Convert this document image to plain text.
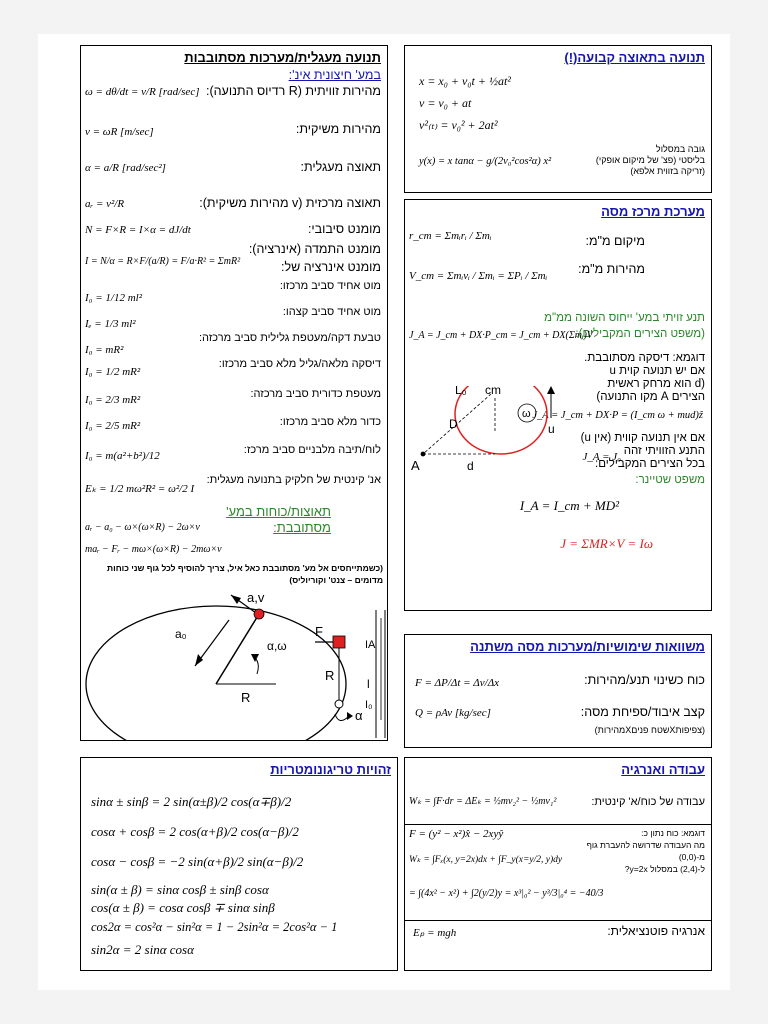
תנועה מעגלית/מערכות מסתובבות
במע' חיצונית אינ':
מהירות זוויתית (R רדיוס התנועה):
ω = dθ/dt = v/R [rad/sec]
מהירות משיקית:
v = ωR [m/sec]
תאוצה מעגלית:
α = a/R [rad/sec²]
תאוצה מרכזית (v מהירות משיקית):
aᵣ = v²/R
מומנט סיבובי:
N = F×R = I×α = dJ/dt
מומנט התמדה (אינרציה):
I = N/α = R×F/(a/R) = F/a·R² = ΣmR²	מומנט אינרציה של:
מוט אחיד סביב מרכזו:
I₀ = 1/12 ml²
מוט אחיד סביב קצהו:
Iₑ = 1/3 ml²
טבעת דקה/מעטפת גלילית סביב מרכזה:
I₀ = mR²
דיסקה מלאה/גליל מלא סביב מרכזו:
I₀ = 1/2 mR²
מעטפת כדורית סביב מרכזה:
I₀ = 2/3 mR²
כדור מלא סביב מרכזו:
I₀ = 2/5 mR²
לוח/תיבה מלבניים סביב מרכז:
I₀ = m(a²+b²)/12
אנ' קינטית של חלקיק בתנועה מעגלית:
Eₖ = 1/2 mω²R² = ω²/2 I
תאוצות/כוחות במע'
מסתובבת:
aᵣ − a₀ − ω×(ω×R) − 2ω×v
maᵣ − Fᵣ − mω×(ω×R) − 2mω×v
(כשמתייחסים אל מע' מסתובבת כאל איל, צריך להוסיף לכל גוף שני כוחות מדומים – צנט' וקוריוליס)
a,v
a₀
α,ω
R
F
R
α
IA
I₀
l
תנועה בתאוצה קבועה(!)
x = x₀ + v₀t + ½at²
v = v₀ + at
v²₍ₜ₎ = v₀² + 2at²
גובה במסלול
בליסטי (פצ' של מיקום אופקי)
(זריקה בזווית אלפא)
y(x) = x tanα − g/(2v₀²cos²α) x²
מערכת מרכז מסה
r_cm = Σmᵢrᵢ / Σmᵢ	מיקום מ"מ:
V_cm = Σmᵢvᵢ / Σmᵢ = ΣPᵢ / Σmᵢ מהירות מ"מ:
תנע זויתי במע' ייחוס השונה ממ"מ
(משפט הצירים המקבילים):
J_A = J_cm + DX·P_cm = J_cm + DX(Σmᵢ)V
דוגמא: דיסקה מסתובבת.
אם יש תנועה קוית u
(d הוא מרחק ראשית
הצירים A מקו התנועה)
J_A = J_cm + DX·P = (I_cm ω + mud)ẑ
אם אין תנועה קווית (אין u)
התנע הזוויתי זהה
בכל הצירים המקבילים:
J_A = J₀
משפט שטיינר:
I_A = I_cm + MD²
J = ΣMR×V = Iω
ω
L₀ cm
D
A	d
u
משוואות שימושיות/מערכות מסה משתנה
F = ΔP/Δt = Δv/Δx	כוח כשינוי תנע/מהירות:
Q = ρAv [kg/sec]	קצב איבוד/ספיחת מסה:
(צפיפותXשטח פניםXמהירות)
זהויות טריגונומטריות
sinα ± sinβ = 2 sin(α±β)/2 cos(α∓β)/2
cosα + cosβ = 2 cos(α+β)/2 cos(α−β)/2
cosα − cosβ = −2 sin(α+β)/2 sin(α−β)/2
sin(α ± β) = sinα cosβ ± sinβ cosα
cos(α ± β) = cosα cosβ ∓ sinα sinβ
cos2α = cos²α − sin²α = 1 − 2sin²α = 2cos²α − 1
sin2α = 2 sinα cosα
עבודה ואנרגיה
Wₖ = ∫F·dr = ΔEₖ = ½mv₂² − ½mv₁²	עבודה של כוח/א' קינטית:
F = (y² − x²)x̂ − 2xyŷ	דוגמא: כוח נתון כ:
מה העבודה שדרושה להעברת גוף
מ-(0,0)
ל-(2,4) במסלול y=2x?
Wₖ = ∫Fₓ(x, y=2x)dx + ∫F_y(x=y/2, y)dy
= ∫(4x² − x²) + ∫2(y/2)y = x³|₀² − y³/3|₀⁴ = −40/3
Eₚ = mgh	אנרגיה פוטנציאלית:
